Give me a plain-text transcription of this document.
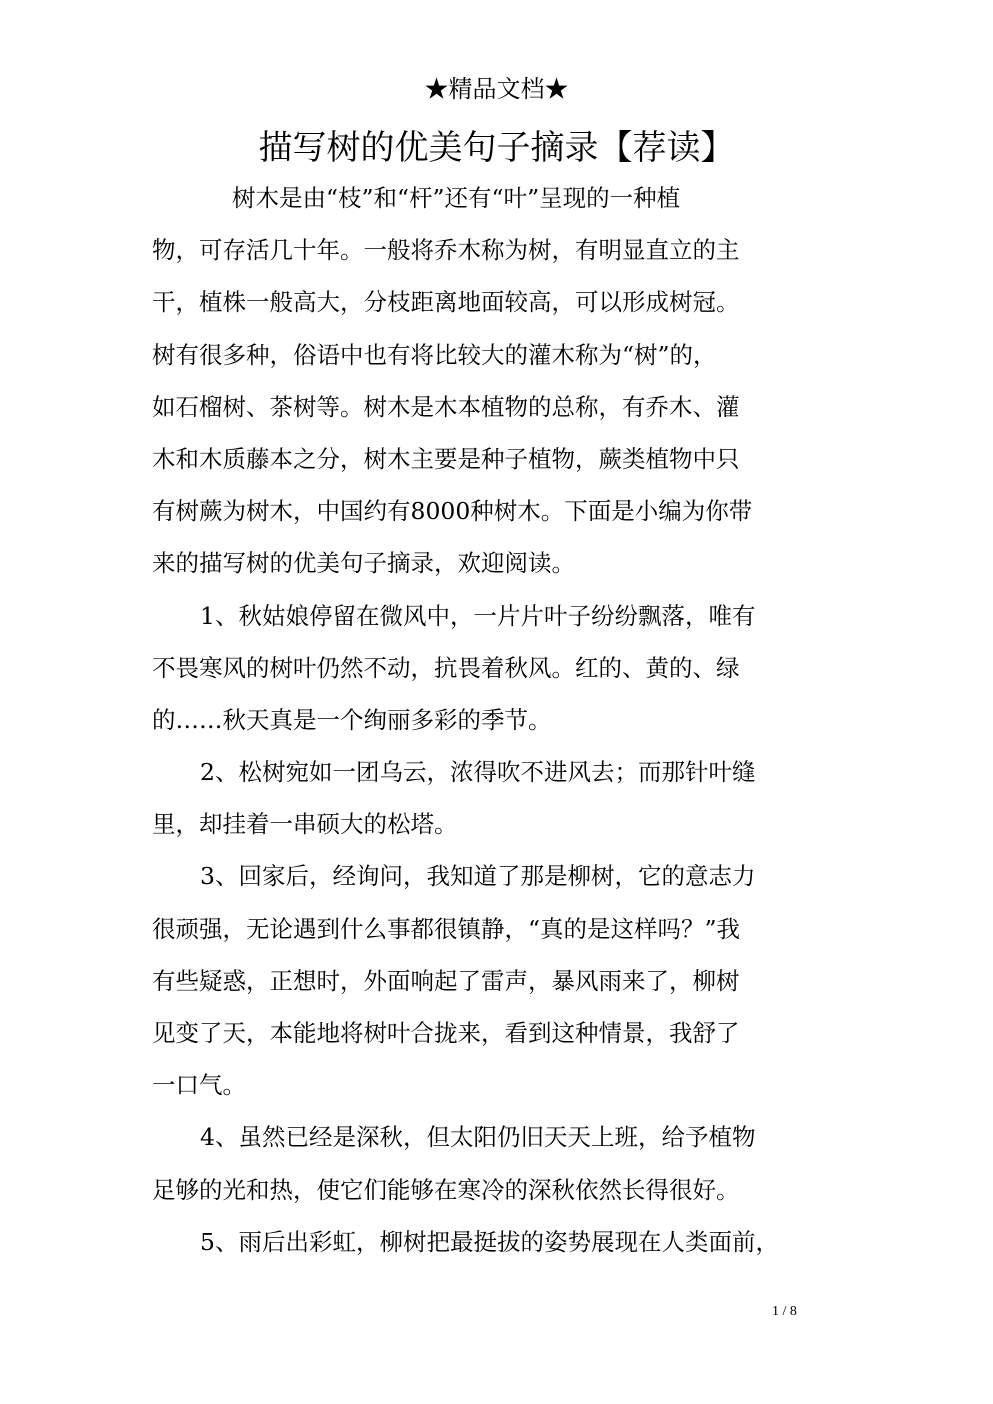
★精品文档★
描写树的优美句子摘录【荐读】
树木是由“枝”和“杆”还有“叶”呈现的一种植
物，可存活几十年。一般将乔木称为树，有明显直立的主
干，植株一般高大，分枝距离地面较高，可以形成树冠。
树有很多种，俗语中也有将比较大的灌木称为“树”的，
如石榴树、茶树等。树木是木本植物的总称，有乔木、灌
木和木质藤本之分，树木主要是种子植物，蕨类植物中只
有树蕨为树木，中国约有8000种树木。下面是小编为你带
来的描写树的优美句子摘录，欢迎阅读。
1、秋姑娘停留在微风中，一片片叶子纷纷飘落，唯有
不畏寒风的树叶仍然不动，抗畏着秋风。红的、黄的、绿
的……秋天真是一个绚丽多彩的季节。
2、松树宛如一团乌云，浓得吹不进风去；而那针叶缝
里，却挂着一串硕大的松塔。
3、回家后，经询问，我知道了那是柳树，它的意志力
很顽强，无论遇到什么事都很镇静，“真的是这样吗？”我
有些疑惑，正想时，外面响起了雷声，暴风雨来了，柳树
见变了天，本能地将树叶合拢来，看到这种情景，我舒了
一口气。
4、虽然已经是深秋，但太阳仍旧天天上班，给予植物
足够的光和热，使它们能够在寒冷的深秋依然长得很好。
5、雨后出彩虹，柳树把最挺拔的姿势展现在人类面前，
1 / 8
